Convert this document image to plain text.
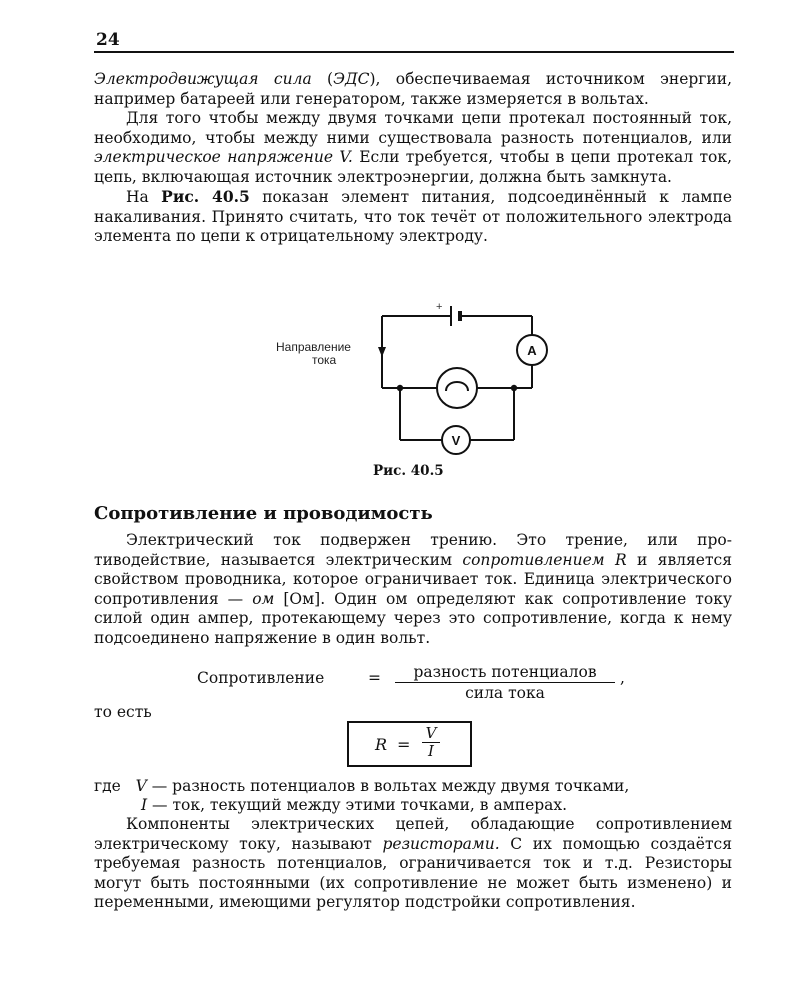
24

Электродвижущая сила (ЭДС), обеспечиваемая источником энергии, например батареей или генератором, также измеряется в вольтах.

Для того чтобы между двумя точками цепи протекал постоянный ток, необходимо, чтобы между ними существовала разность потенциалов, или электрическое напряжение V. Если требуется, чтобы в цепи протекал ток, цепь, включающая источник электроэнергии, должна быть замкнута.

На Рис. 40.5 показан элемент питания, подсоединённый к лампе накаливания. Принято считать, что ток течёт от положительного электрода элемента по цепи к отрицательному электроду.

+
Направление
тока
A
V
Рис. 40.5
Сопротивление и проводимость

Электрический ток подвержен трению. Это трение, или противодействие, называется электрическим сопротивлением R и является свойством проводника, которое ограничивает ток. Единица электрического сопротивления — ом [Ом]. Один ом определяют как сопротивление току силой один ампер, протекающему через это сопротивление, когда к нему подсоединено напряжение в один вольт.

Сопротивление	=	разность потенциалов
сила тока
,
то есть
R =
V
I
где V — разность потенциалов в вольтах между двумя точками,
I — ток, текущий между этими точками, в амперах.

Компоненты электрических цепей, обладающие сопротивлением электрическому току, называют резисторами. С их помощью создаётся требуемая разность потенциалов, ограничивается ток и т.д. Резисторы могут быть постоянными (их сопротивление не может быть изменено) и переменными, имеющими регулятор подстройки сопротивления.
